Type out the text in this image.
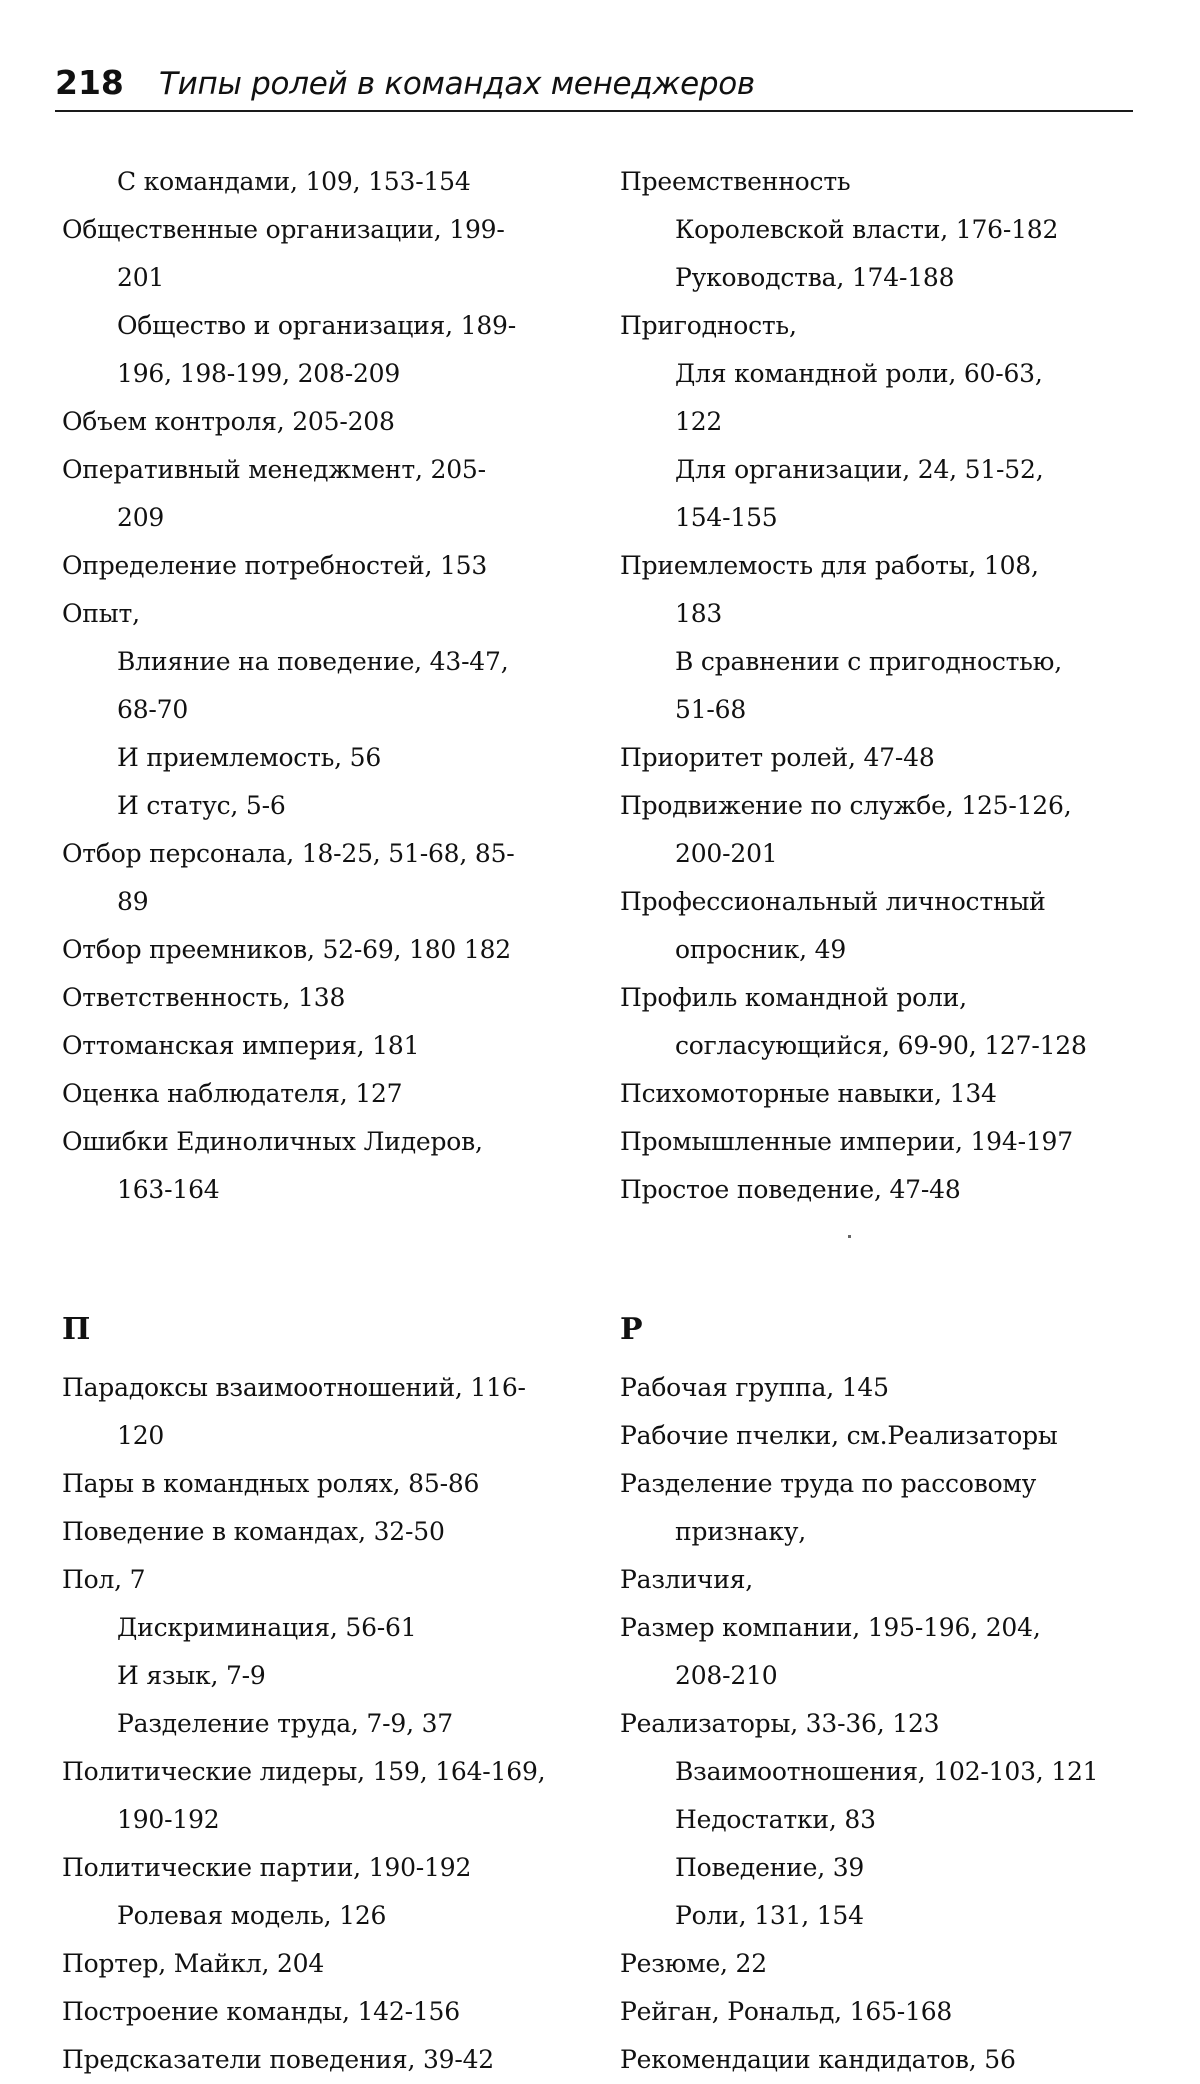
218 Типы ролей в командах менеджеров
С командами, 109, 153-154
Общественные организации, 199-
201
Общество и организация, 189-
196, 198-199, 208-209
Объем контроля, 205-208
Оперативный менеджмент, 205-
209
Определение потребностей, 153
Опыт,
Влияние на поведение, 43-47,
68-70
И приемлемость, 56
И статус, 5-6
Отбор персонала, 18-25, 51-68, 85-
89
Отбор преемников, 52-69, 180 182
Ответственность, 138
Оттоманская империя, 181
Оценка наблюдателя, 127
Ошибки Единоличных Лидеров,
163-164
П
Парадоксы взаимоотношений, 116-
120
Пары в командных ролях, 85-86
Поведение в командах, 32-50
Пол, 7
Дискриминация, 56-61
И язык, 7-9
Разделение труда, 7-9, 37
Политические лидеры, 159, 164-169,
190-192
Политические партии, 190-192
Ролевая модель, 126
Портер, Майкл, 204
Построение команды, 142-156
Предсказатели поведения, 39-42
Преемственность
Королевской власти, 176-182
Руководства, 174-188
Пригодность,
Для командной роли, 60-63,
122
Для организации, 24, 51-52,
154-155
Приемлемость для работы, 108,
183
В сравнении с пригодностью,
51-68
Приоритет ролей, 47-48
Продвижение по службе, 125-126,
200-201
Профессиональный личностный
опросник, 49
Профиль командной роли,
согласующийся, 69-90, 127-128
Психомоторные навыки, 134
Промышленные империи, 194-197
Простое поведение, 47-48
Р
Рабочая группа, 145
Рабочие пчелки, см.Реализаторы
Разделение труда по рассовому
признаку,
Различия,
Размер компании, 195-196, 204,
208-210
Реализаторы, 33-36, 123
Взаимоотношения, 102-103, 121
Недостатки, 83
Поведение, 39
Роли, 131, 154
Резюме, 22
Рейган, Рональд, 165-168
Рекомендации кандидатов, 56
